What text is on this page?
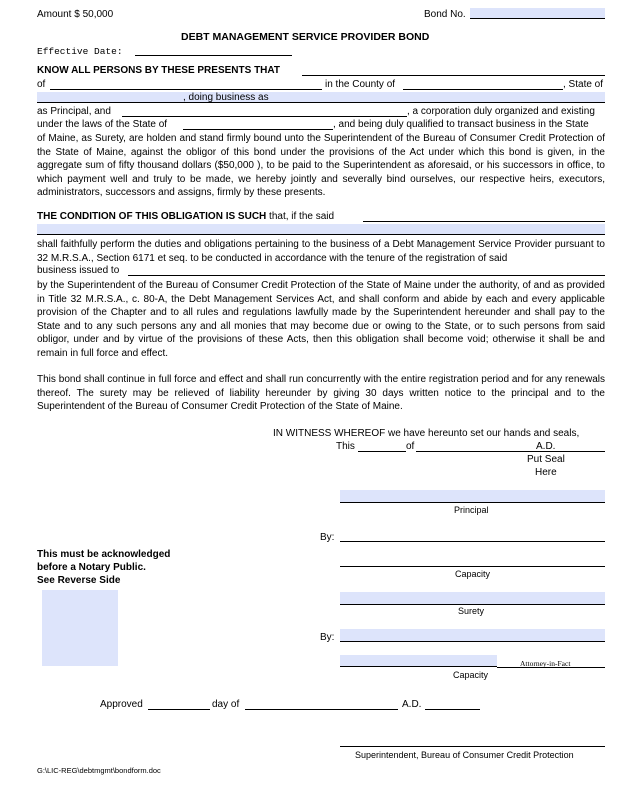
Amount $ 50,000	Bond No.
DEBT MANAGEMENT SERVICE PROVIDER BOND
Effective Date:
KNOW ALL PERSONS BY THESE PRESENTS THAT
of	in the County of	, State of
as Principal, and	, a corporation duly organized and existing
, doing business as
under the laws of the State of	, and being duly qualified to transact business in the State
of Maine, as Surety, are holden and stand firmly bound unto the Superintendent of the Bureau of Consumer Credit Protection of the State of Maine, against the obligor of this bond under the provisions of the Act under which this bond is given, in the aggregate sum of fifty thousand dollars ($50,000 ), to be paid to the Superintendent as aforesaid, or his successors in office, to which payment well and truly to be made, we hereby jointly and severally bind ourselves, our respective heirs, executors, administrators, successors and assigns, firmly by these presents.
THE CONDITION OF THIS OBLIGATION IS SUCH that, if the said
shall faithfully perform the duties and obligations pertaining to the business of a Debt Management Service Provider pursuant to 32 M.R.S.A., Section 6171 et seq. to be conducted in accordance with the tenure of the registration of said
business issued to
by the Superintendent of the Bureau of Consumer Credit Protection of the State of Maine under the authority, of and as provided in Title 32 M.R.S.A., c. 80-A, the Debt Management Services Act, and shall conform and abide by each and every applicable provision of the Chapter and to all rules and regulations lawfully made by the Superintendent hereunder and shall pay to the State and to any such persons any and all monies that may become due or owing to the State, or to such persons from said obligor, under and by virtue of the provisions of these Acts, then this obligation shall become void; otherwise it shall be and remain in full force and effect.
This bond shall continue in full force and effect and shall run concurrently with the entire registration period and for any renewals thereof. The surety may be relieved of liability hereunder by giving 30 days written notice to the principal and to the Superintendent of the Bureau of Consumer Credit Protection of the State of Maine.
IN WITNESS WHEREOF we have hereunto set our hands and seals,
This	of	A.D.
Put Seal
Here
Principal
By:
Capacity
Surety
By:
Attorney-in-Fact
Capacity
This must be acknowledged
before a Notary Public.
See Reverse Side
Approved	day of	A.D.
Superintendent, Bureau of Consumer Credit Protection
G:\LIC-REG\debtmgmt\bondform.doc
